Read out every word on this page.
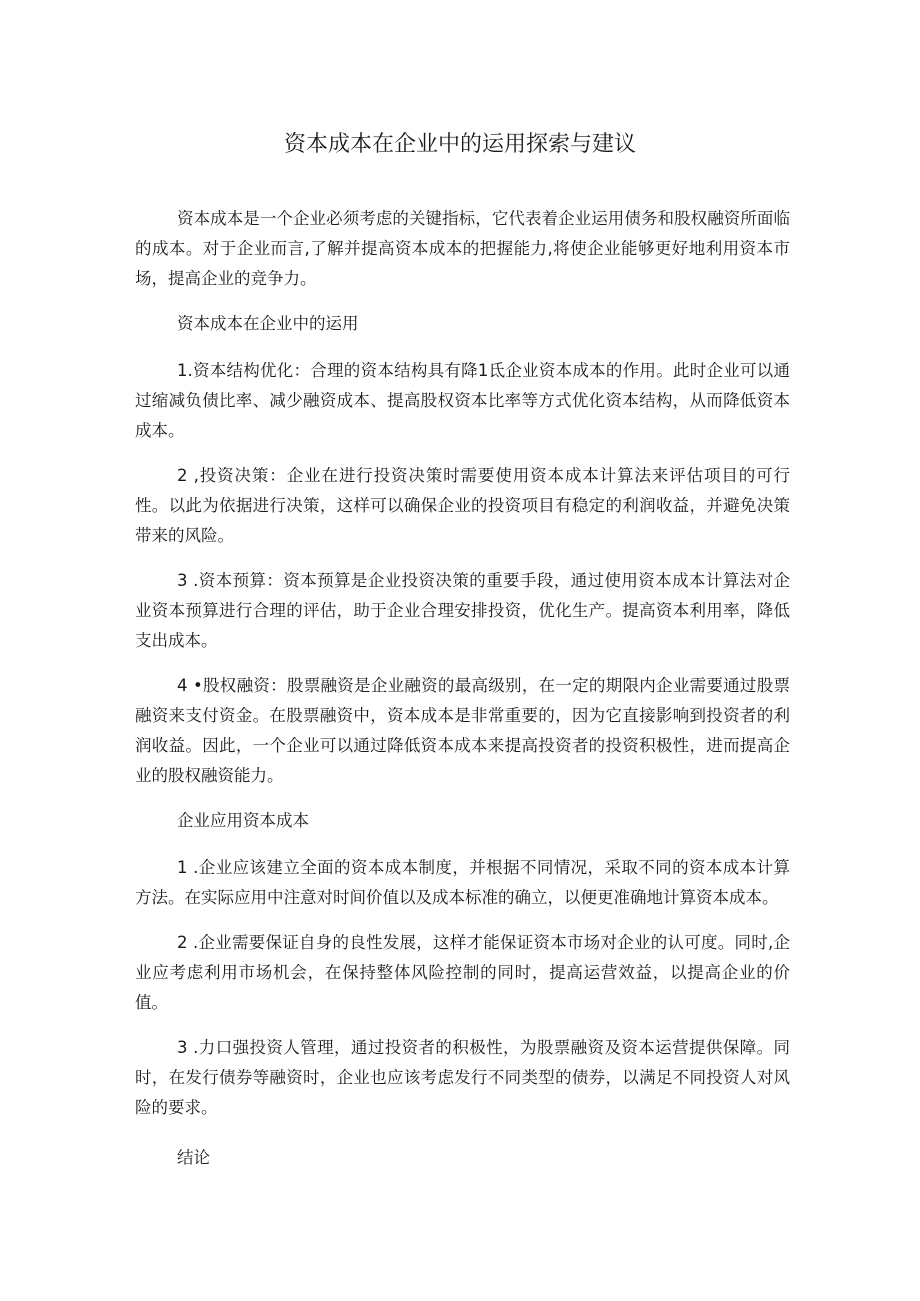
资本成本在企业中的运用探索与建议

资本成本是一个企业必须考虑的关键指标，它代表着企业运用债务和股权融资所面临的成本。对于企业而言,了解并提高资本成本的把握能力,将使企业能够更好地利用资本市场，提高企业的竞争力。

资本成本在企业中的运用

1.资本结构优化：合理的资本结构具有降1氐企业资本成本的作用。此时企业可以通过缩减负债比率、减少融资成本、提高股权资本比率等方式优化资本结构，从而降低资本成本。

2 ,投资决策：企业在进行投资决策时需要使用资本成本计算法来评估项目的可行性。以此为依据进行决策，这样可以确保企业的投资项目有稳定的利润收益，并避免决策带来的风险。

3 .资本预算：资本预算是企业投资决策的重要手段，通过使用资本成本计算法对企业资本预算进行合理的评估，助于企业合理安排投资，优化生产。提高资本利用率，降低支出成本。

4 •股权融资：股票融资是企业融资的最高级别，在一定的期限内企业需要通过股票融资来支付资金。在股票融资中，资本成本是非常重要的，因为它直接影响到投资者的利润收益。因此，一个企业可以通过降低资本成本来提高投资者的投资积极性，进而提高企业的股权融资能力。

企业应用资本成本

1 .企业应该建立全面的资本成本制度，并根据不同情况，采取不同的资本成本计算方法。在实际应用中注意对时间价值以及成本标准的确立，以便更准确地计算资本成本。

2 .企业需要保证自身的良性发展，这样才能保证资本市场对企业的认可度。同时,企业应考虑利用市场机会，在保持整体风险控制的同时，提高运营效益，以提高企业的价值。

3 .力口强投资人管理，通过投资者的积极性，为股票融资及资本运营提供保障。同时，在发行债券等融资时，企业也应该考虑发行不同类型的债券，以满足不同投资人对风险的要求。

结论
